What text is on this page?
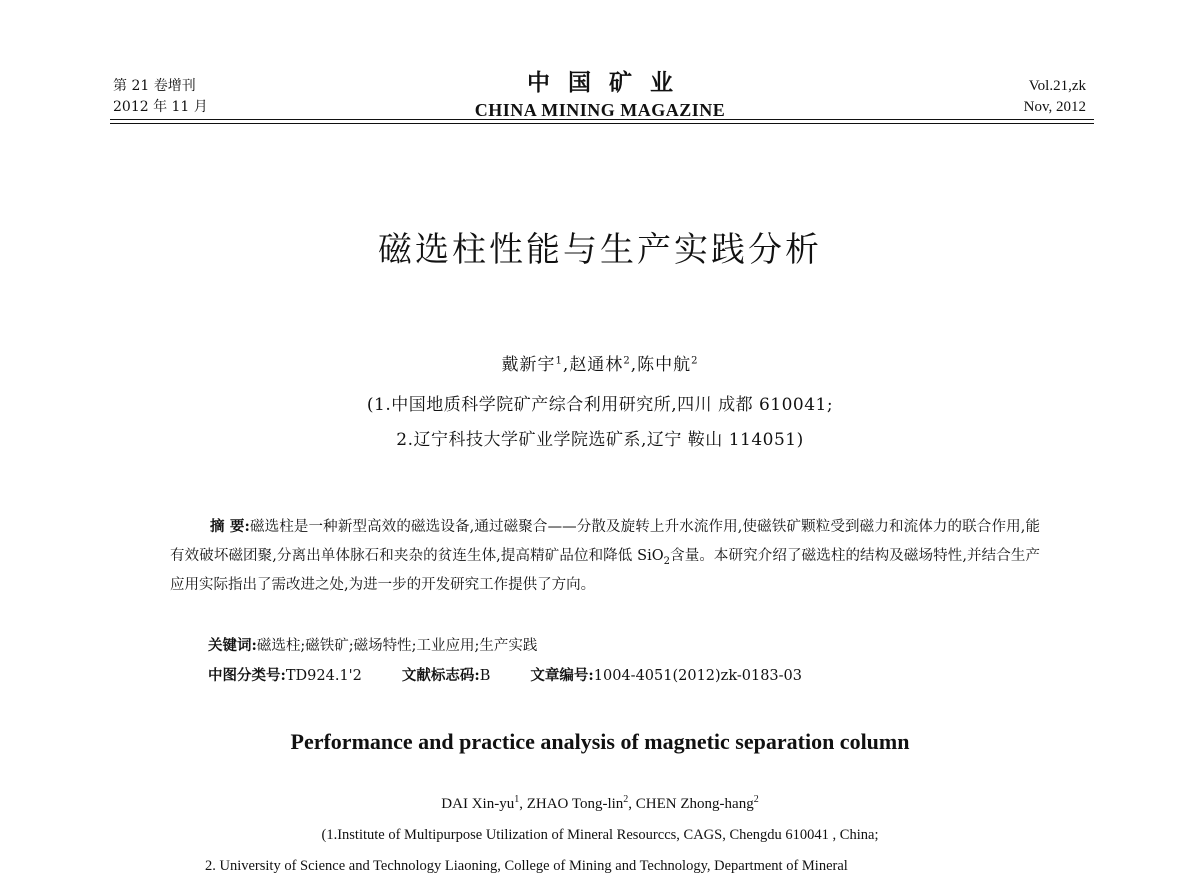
第 21 卷增刊
2012 年 11 月
中国矿业
CHINA MINING MAGAZINE
Vol.21,zk
Nov, 2012
磁选柱性能与生产实践分析
戴新宇$^1$,赵通林$^2$,陈中航$^2$
(1.中国地质科学院矿产综合利用研究所,四川 成都 610041;
2.辽宁科技大学矿业学院选矿系,辽宁 鞍山 114051)
摘 要:磁选柱是一种新型高效的磁选设备,通过磁聚合——分散及旋转上升水流作用,使磁铁矿颗粒受到磁力和流体力的联合作用,能有效破坏磁团聚,分离出单体脉石和夹杂的贫连生体,提高精矿品位和降低 SiO$_2$含量。本研究介绍了磁选柱的结构及磁场特性,并结合生产应用实际指出了需改进之处,为进一步的开发研究工作提供了方向。
关键词:磁选柱;磁铁矿;磁场特性;工业应用;生产实践
中图分类号:TD924.1'2	文献标志码:B	文章编号:1004-4051(2012)zk-0183-03
Performance and practice analysis of magnetic separation column
DAI Xin-$yu^1$, ZHAO Tong-lin$^2$, CHEN Zhong-hang$^2$
(1.Institute of Multipurpose Utilization of Mineral Resourccs, CAGS, Chengdu 610041 , China;
2. University of Science and Technology Liaoning, College of Mining and Technology, Department of Mineral
